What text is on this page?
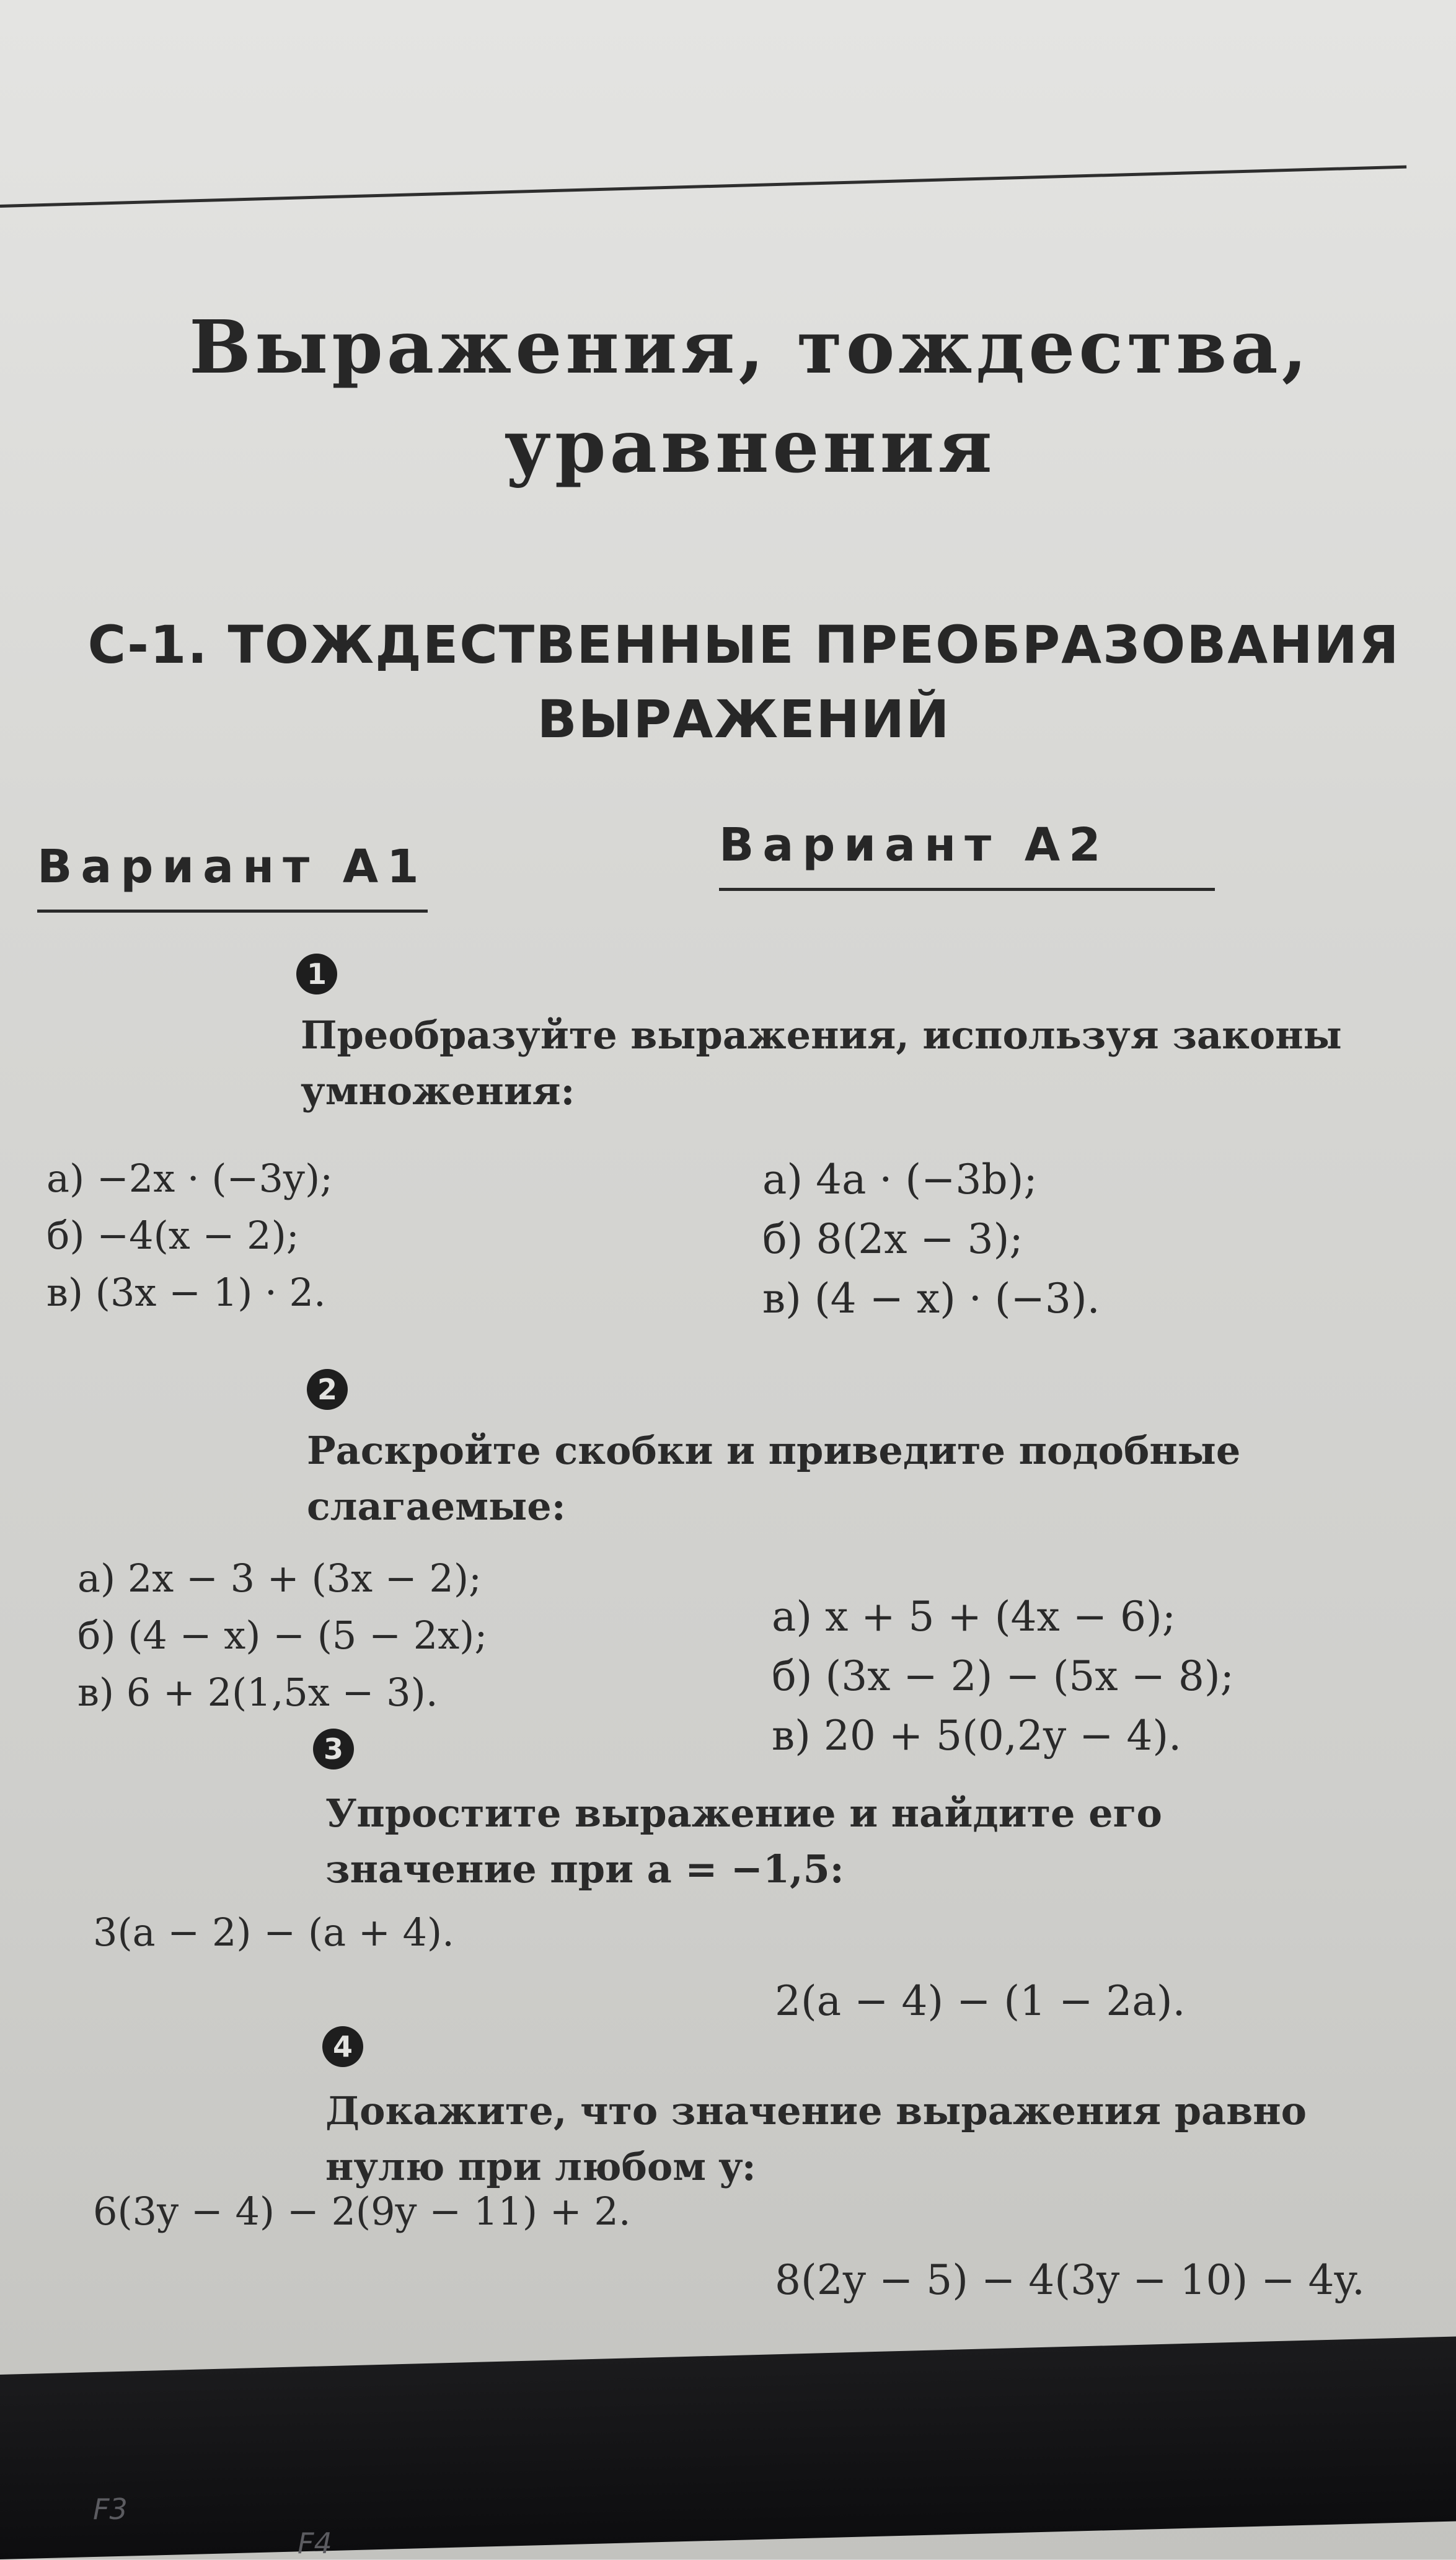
Выражения, тождества, уравнения
С-1. ТОЖДЕСТВЕННЫЕ ПРЕОБРАЗОВАНИЯ ВЫРАЖЕНИЙ
Вариант А1	Вариант А2
1
Преобразуйте выражения, используя законы умножения:
а) −2x · (−3y);
б) −4(x − 2);
в) (3x − 1) · 2.
а) 4a · (−3b);
б) 8(2x − 3);
в) (4 − x) · (−3).
2
Раскройте скобки и приведите подобные слагаемые:
а) 2x − 3 + (3x − 2);
б) (4 − x) − (5 − 2x);
в) 6 + 2(1,5x − 3).
а) x + 5 + (4x − 6);
б) (3x − 2) − (5x − 8);
в) 20 + 5(0,2y − 4).
3
Упростите выражение и найдите его значение при a = −1,5:
3(a − 2) − (a + 4).
2(a − 4) − (1 − 2a).
4
Докажите, что значение выражения равно нулю при любом y:
6(3y − 4) − 2(9y − 11) + 2.
8(2y − 5) − 4(3y − 10) − 4y.
F3
F4
